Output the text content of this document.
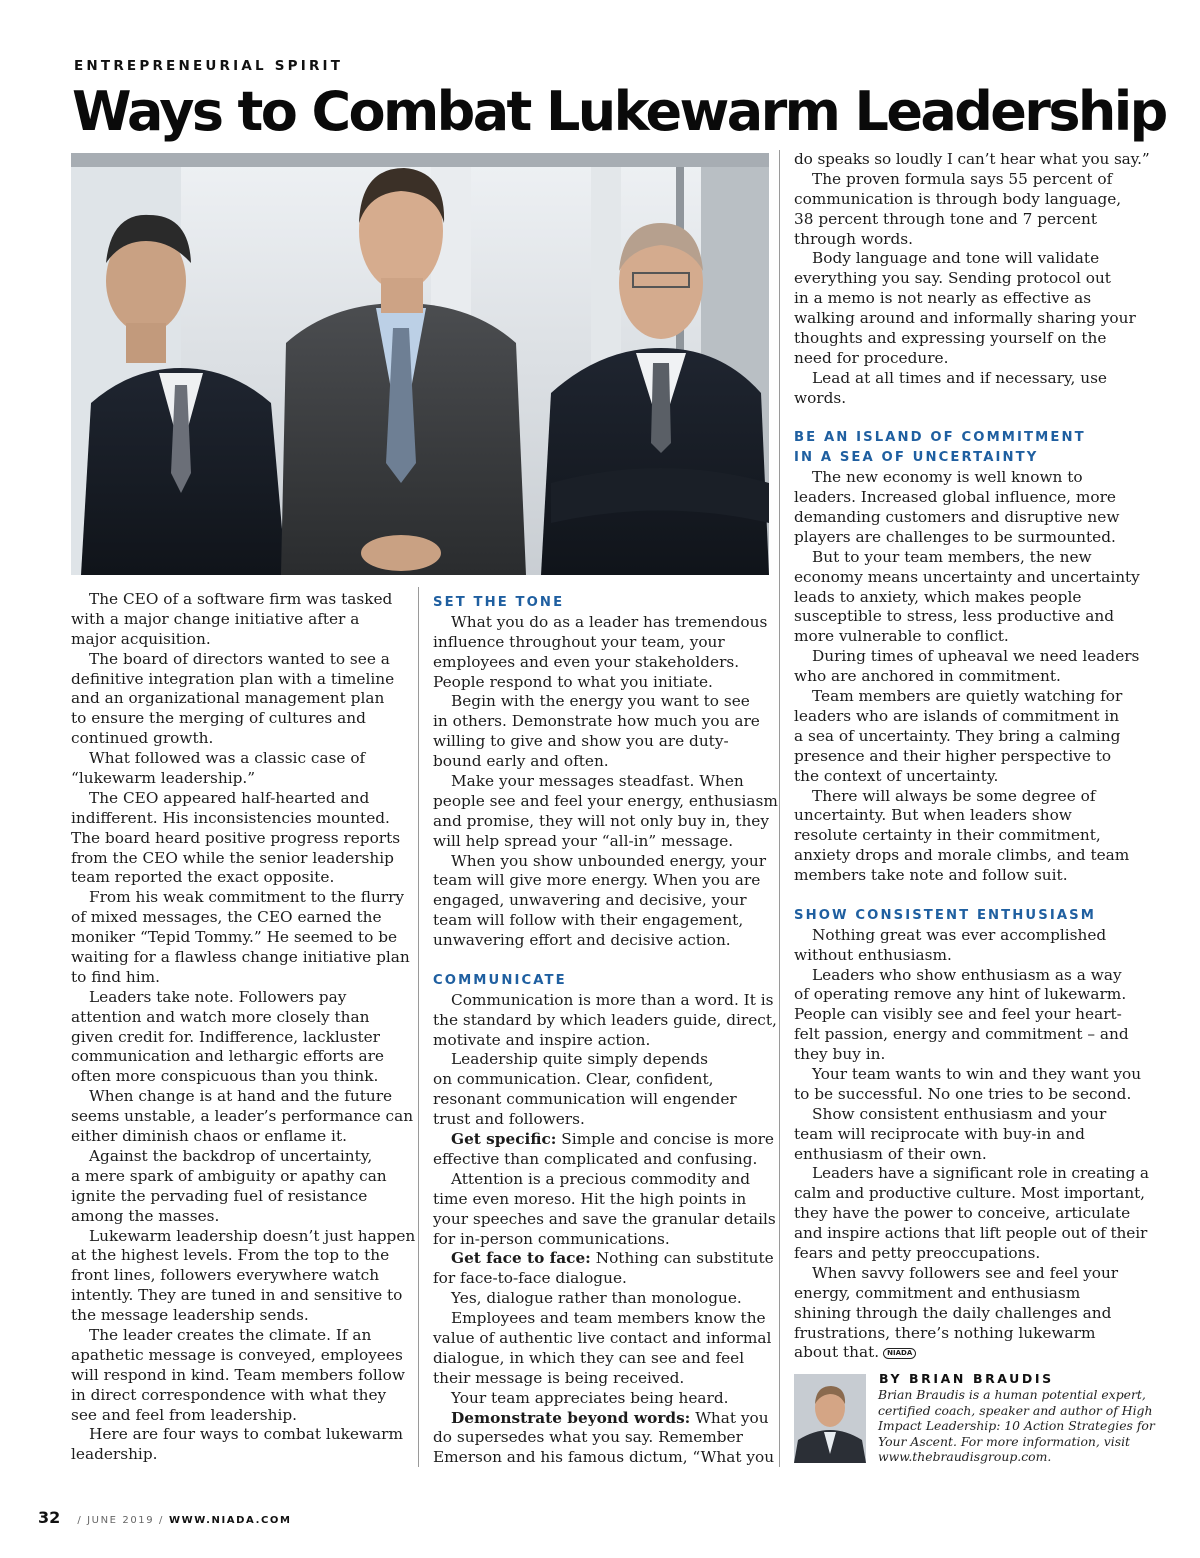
ENTREPRENEURIAL SPIRIT
Ways to Combat Lukewarm Leadership
The CEO of a software firm was tasked
with a major change initiative after a
major acquisition.
The board of directors wanted to see a
definitive integration plan with a timeline
and an organizational management plan
to ensure the merging of cultures and
continued growth.
What followed was a classic case of
“lukewarm leadership.”
The CEO appeared half-hearted and
indifferent. His inconsistencies mounted.
The board heard positive progress reports
from the CEO while the senior leadership
team reported the exact opposite.
From his weak commitment to the flurry
of mixed messages, the CEO earned the
moniker “Tepid Tommy.” He seemed to be
waiting for a flawless change initiative plan
to find him.
Leaders take note. Followers pay
attention and watch more closely than
given credit for. Indifference, lackluster
communication and lethargic efforts are
often more conspicuous than you think.
When change is at hand and the future
seems unstable, a leader’s performance can
either diminish chaos or enflame it.
Against the backdrop of uncertainty,
a mere spark of ambiguity or apathy can
ignite the pervading fuel of resistance
among the masses.
Lukewarm leadership doesn’t just happen
at the highest levels. From the top to the
front lines, followers everywhere watch
intently. They are tuned in and sensitive to
the message leadership sends.
The leader creates the climate. If an
apathetic message is conveyed, employees
will respond in kind. Team members follow
in direct correspondence with what they
see and feel from leadership.
Here are four ways to combat lukewarm
leadership.
SET THE TONE
What you do as a leader has tremendous
influence throughout your team, your
employees and even your stakeholders.
People respond to what you initiate.
Begin with the energy you want to see
in others. Demonstrate how much you are
willing to give and show you are duty-
bound early and often.
Make your messages steadfast. When
people see and feel your energy, enthusiasm
and promise, they will not only buy in, they
will help spread your “all-in” message.
When you show unbounded energy, your
team will give more energy. When you are
engaged, unwavering and decisive, your
team will follow with their engagement,
unwavering effort and decisive action.
COMMUNICATE
Communication is more than a word. It is
the standard by which leaders guide, direct,
motivate and inspire action.
Leadership quite simply depends
on communication. Clear, confident,
resonant communication will engender
trust and followers.
Get specific: Simple and concise is more
effective than complicated and confusing.
Attention is a precious commodity and
time even moreso. Hit the high points in
your speeches and save the granular details
for in-person communications.
Get face to face: Nothing can substitute
for face-to-face dialogue.
Yes, dialogue rather than monologue.
Employees and team members know the
value of authentic live contact and informal
dialogue, in which they can see and feel
their message is being received.
Your team appreciates being heard.
Demonstrate beyond words: What you
do supersedes what you say. Remember
Emerson and his famous dictum, “What you
do speaks so loudly I can’t hear what you say.”
The proven formula says 55 percent of
communication is through body language,
38 percent through tone and 7 percent
through words.
Body language and tone will validate
everything you say. Sending protocol out
in a memo is not nearly as effective as
walking around and informally sharing your
thoughts and expressing yourself on the
need for procedure.
Lead at all times and if necessary, use
words.
BE AN ISLAND OF COMMITMENT
IN A SEA OF UNCERTAINTY
The new economy is well known to
leaders. Increased global influence, more
demanding customers and disruptive new
players are challenges to be surmounted.
But to your team members, the new
economy means uncertainty and uncertainty
leads to anxiety, which makes people
susceptible to stress, less productive and
more vulnerable to conflict.
During times of upheaval we need leaders
who are anchored in commitment.
Team members are quietly watching for
leaders who are islands of commitment in
a sea of uncertainty. They bring a calming
presence and their higher perspective to
the context of uncertainty.
There will always be some degree of
uncertainty. But when leaders show
resolute certainty in their commitment,
anxiety drops and morale climbs, and team
members take note and follow suit.
SHOW CONSISTENT ENTHUSIASM
Nothing great was ever accomplished
without enthusiasm.
Leaders who show enthusiasm as a way
of operating remove any hint of lukewarm.
People can visibly see and feel your heart-
felt passion, energy and commitment – and
they buy in.
Your team wants to win and they want you
to be successful. No one tries to be second.
Show consistent enthusiasm and your
team will reciprocate with buy-in and
enthusiasm of their own.
Leaders have a significant role in creating a
calm and productive culture. Most important,
they have the power to conceive, articulate
and inspire actions that lift people out of their
fears and petty preoccupations.
When savvy followers see and feel your
energy, commitment and enthusiasm
shining through the daily challenges and
frustrations, there’s nothing lukewarm
about that. NIADA
BY BRIAN BRAUDIS
Brian Braudis is a human potential expert,
certified coach, speaker and author of High
Impact Leadership: 10 Action Strategies for
Your Ascent. For more information, visit
www.thebraudisgroup.com.
32 / JUNE 2019 / WWW.NIADA.COM
